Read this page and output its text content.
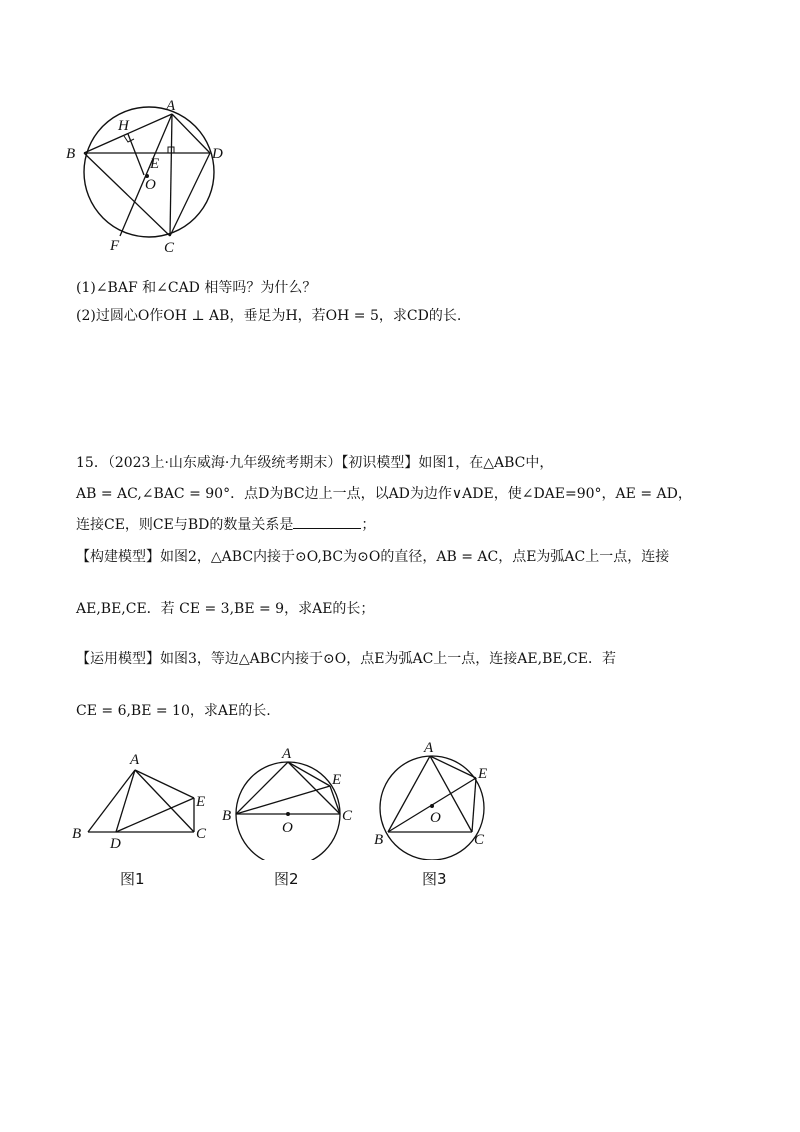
A
H
B	D
E
O
F	C
(1)∠BAF 和∠CAD 相等吗？为什么？
(2)过圆心O作OH ⊥ AB，垂足为H，若OH = 5，求CD的长.
15．（2023上·山东威海·九年级统考期末）【初识模型】如图1，在△ABC中，
AB = AC,∠BAC = 90°．点D为BC边上一点，以AD为边作∨ADE，使∠DAE=90°，AE = AD，
连接CE，则CE与BD的数量关系是	；
【构建模型】如图2，△ABC内接于⊙O,BC为⊙O的直径，AB = AC，点E为弧AC上一点，连接
AE,BE,CE．若 CE = 3,BE = 9，求AE的长；
【运用模型】如图3，等边△ABC内接于⊙O，点E为弧AC上一点，连接AE,BE,CE．若
CE = 6,BE = 10，求AE的长.
A
B
D
E
C
图1
A
E
B	C
O
图2
A
E
O
B	C
图3
